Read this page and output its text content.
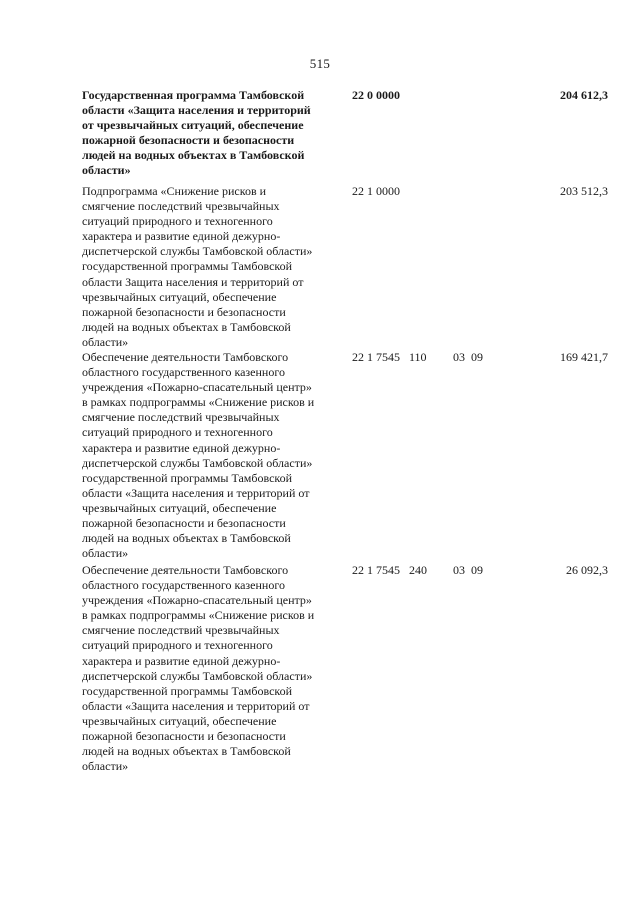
515
Государственная программа Тамбовской
области «Защита населения и территорий
от чрезвычайных ситуаций, обеспечение
пожарной безопасности и безопасности
людей на водных объектах в Тамбовской
области»
22 0 0000	204 612,3
Подпрограмма «Снижение рисков и
смягчение последствий чрезвычайных
ситуаций природного и техногенного
характера и развитие единой дежурно-
диспетчерской службы Тамбовской области»
государственной программы Тамбовской
области Защита населения и территорий от
чрезвычайных ситуаций, обеспечение
пожарной безопасности и безопасности
людей на водных объектах в Тамбовской
области»
22 1 0000	203 512,3
Обеспечение деятельности Тамбовского
областного государственного казенного
учреждения «Пожарно-спасательный центр»
в рамках подпрограммы «Снижение рисков и
смягчение последствий чрезвычайных
ситуаций природного и техногенного
характера и развитие единой дежурно-
диспетчерской службы Тамбовской области»
государственной программы Тамбовской
области «Защита населения и территорий от
чрезвычайных ситуаций, обеспечение
пожарной безопасности и безопасности
людей на водных объектах в Тамбовской
области»
22 1 7545   110 03  09	169 421,7
Обеспечение деятельности Тамбовского
областного государственного казенного
учреждения «Пожарно-спасательный центр»
в рамках подпрограммы «Снижение рисков и
смягчение последствий чрезвычайных
ситуаций природного и техногенного
характера и развитие единой дежурно-
диспетчерской службы Тамбовской области»
государственной программы Тамбовской
области «Защита населения и территорий от
чрезвычайных ситуаций, обеспечение
пожарной безопасности и безопасности
людей на водных объектах в Тамбовской
области»
22 1 7545   240 03  09	26 092,3
